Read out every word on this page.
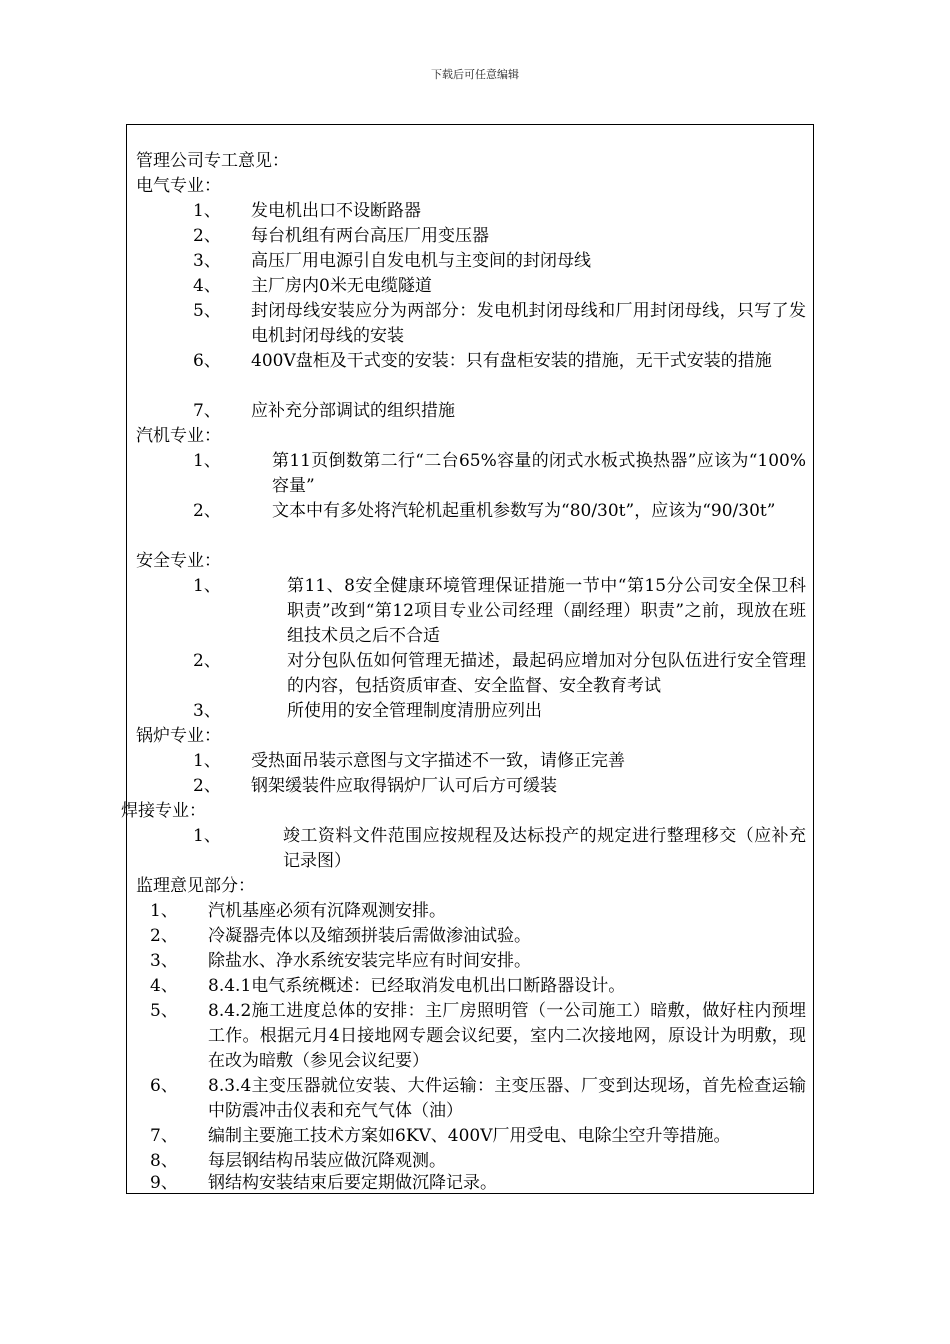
下载后可任意编辑
管理公司专工意见：
电气专业：
1、 发电机出口不设断路器
2、 每台机组有两台高压厂用变压器
3、 高压厂用电源引自发电机与主变间的封闭母线
4、 主厂房内0米无电缆隧道
5、 封闭母线安装应分为两部分：发电机封闭母线和厂用封闭母线，只写了发电机封闭母线的安装
6、 400V盘柜及干式变的安装：只有盘柜安装的措施，无干式安装的措施
7、 应补充分部调试的组织措施
汽机专业：
1、	第11页倒数第二行“二台65%容量的闭式水板式换热器”应该为“100%容量”
2、	文本中有多处将汽轮机起重机参数写为“80/30t”，应该为“90/30t”
安全专业：
1、	第11、8安全健康环境管理保证措施一节中“第15分公司安全保卫科职责”改到“第12项目专业公司经理（副经理）职责”之前，现放在班组技术员之后不合适
2、	对分包队伍如何管理无描述，最起码应增加对分包队伍进行安全管理的内容，包括资质审查、安全监督、安全教育考试
3、	所使用的安全管理制度清册应列出
锅炉专业：
1、 受热面吊装示意图与文字描述不一致，请修正完善
2、 钢架缓装件应取得锅炉厂认可后方可缓装
焊接专业：
1、	竣工资料文件范围应按规程及达标投产的规定进行整理移交（应补充记录图）
监理意见部分：
1、 汽机基座必须有沉降观测安排。
2、 冷凝器壳体以及缩颈拼装后需做渗油试验。
3、 除盐水、净水系统安装完毕应有时间安排。
4、 8.4.1电气系统概述：已经取消发电机出口断路器设计。
5、 8.4.2施工进度总体的安排：主厂房照明管（一公司施工）暗敷，做好柱内预埋工作。根据元月4日接地网专题会议纪要，室内二次接地网，原设计为明敷，现在改为暗敷（参见会议纪要）
6、 8.3.4主变压器就位安装、大件运输：主变压器、厂变到达现场，首先检查运输中防震冲击仪表和充气气体（油）
7、 编制主要施工技术方案如6KV、400V厂用受电、电除尘空升等措施。
8、 每层钢结构吊装应做沉降观测。
9、 钢结构安装结束后要定期做沉降记录。
